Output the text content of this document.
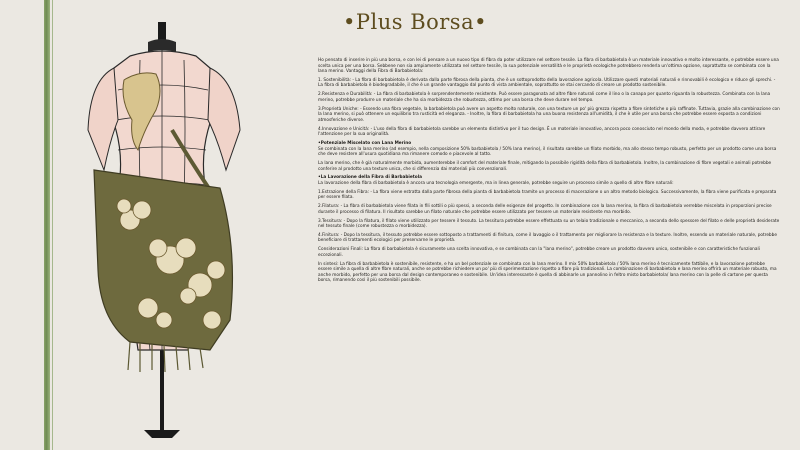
•Plus Borsa•

Ho pensato di inserire in più una borsa, e con lei di pensare a un nuovo tipo di fibra da poter utilizzare nel settore tessile. La fibra di barbabietola è un materiale innovativo e molto interessante, e potrebbe essere una scelta unica per una borsa. Sebbene non sia ampiamente utilizzata nel settore tessile, la sua potenziale versatilità e le proprietà ecologiche potrebbero renderla un'ottima opzione, soprattutto se combinata con la lana merino. Vantaggi della Fibra di Barbabietola:

1. Sostenibilità: - La fibra di barbabietola è derivata dalla parte fibrosa della pianta, che è un sottoprodotto della lavorazione agricola. Utilizzare questi materiali naturali e rinnovabili è ecologico e riduce gli sprechi. - La fibra di barbabietola è biodegradabile, il che è un grande vantaggio dal punto di vista ambientale, soprattutto se stai cercando di creare un prodotto sostenibile.

2.Resistenza e Durabilità: - La fibra di barbabietola è sorprendentemente resistente. Può essere paragonata ad altre fibre naturali come il lino o la canapa per quanto riguarda la robustezza. Combinata con la lana merino, potrebbe produrre un materiale che ha sia morbidezza che robustezza, ottimo per una borsa che deve durare nel tempo.

3.Proprietà Uniche: - Essendo una fibra vegetale, la barbabietola può avere un aspetto molto naturale, con una texture un po' più grezza rispetto a fibre sintetiche o più raffinate. Tuttavia, grazie alla combinazione con la lana merino, si può ottenere un equilibrio tra rusticità ed eleganza. - Inoltre, la fibra di barbabietola ha una buona resistenza all'umidità, il che è utile per una borsa che potrebbe essere esposta a condizioni atmosferiche diverse.

4.Innovazione e Unicità: - L'uso della fibra di barbabietola sarebbe un elemento distintivo per il tuo design. È un materiale innovativo, ancora poco conosciuto nel mondo della moda, e potrebbe davvero attirare l'attenzione per la sua originalità.

•Potenziale Miscelato con Lana Merino

Se combinata con la lana merino (ad esempio, nella composizione 50% barbabietola / 50% lana merino), il risultato sarebbe un filato morbido, ma allo stesso tempo robusto, perfetto per un prodotto come una borsa che deve resistere all'usura quotidiana ma rimanere comodo e piacevole al tatto.

La lana merino, che è già naturalmente morbida, aumenterebbe il comfort del materiale finale, mitigando la possibile rigidità della fibra di barbabietola. Inoltre, la combinazione di fibre vegetali e animali potrebbe conferire al prodotto una texture unica, che si differenzia dai materiali più convenzionali.

•La Lavorazione della Fibra di Barbabietola

La lavorazione della fibra di barbabietola è ancora una tecnologia emergente, ma in linea generale, potrebbe seguire un processo simile a quello di altre fibre naturali:

1.Estrazione della Fibra: - La fibra viene estratta dalla parte fibrosa della pianta di barbabietola tramite un processo di macerazione o un altro metodo biologico. Successivamente, la fibra viene purificata e preparata per essere filata.

2.Filatura: - La fibra di barbabietola viene filata in fili sottili o più spessi, a seconda delle esigenze del progetto. In combinazione con la lana merino, la fibra di barbabietola verrebbe miscelata in proporzioni precise durante il processo di filatura. Il risultato sarebbe un filato naturale che potrebbe essere utilizzato per tessere un materiale resistente ma morbido.

3.Tessitura: - Dopo la filatura, il filato viene utilizzato per tessere il tessuto. La tessitura potrebbe essere effettuata su un telaio tradizionale o meccanico, a seconda dello spessore del filato e delle proprietà desiderate nel tessuto finale (come robustezza o morbidezza).

4.Finitura: - Dopo la tessitura, il tessuto potrebbe essere sottoposto a trattamenti di finitura, come il lavaggio o il trattamento per migliorare la resistenza e la texture. Inoltre, essendo un materiale naturale, potrebbe beneficiare di trattamenti ecologici per preservarne le proprietà.

Considerazioni Finali: La fibra di barbabietola è sicuramente una scelta innovativa, e se combinata con la "lana merino", potrebbe creare un prodotto davvero unico, sostenibile e con caratteristiche funzionali eccezionali.

In sintesi: La fibra di barbabietola è sostenibile, resistente, e ha un bel potenziale se combinata con la lana merino. Il mix 50% barbabietola / 50% lana merino è tecnicamente fattibile, e la lavorazione potrebbe essere simile a quella di altre fibre naturali, anche se potrebbe richiedere un po' più di sperimentazione rispetto a fibre più tradizionali. La combinazione di barbabietola e lana merino offrirà un materiale robusto, ma anche morbido, perfetto per una borsa dal design contemporaneo e sostenibile. Un'idea interessante è quella di abbinarle un pannolino in feltro misto barbabietola/ lana merino con la pelle di cartone per questa borsa, rimanendo così il più sostenibili possibile.
